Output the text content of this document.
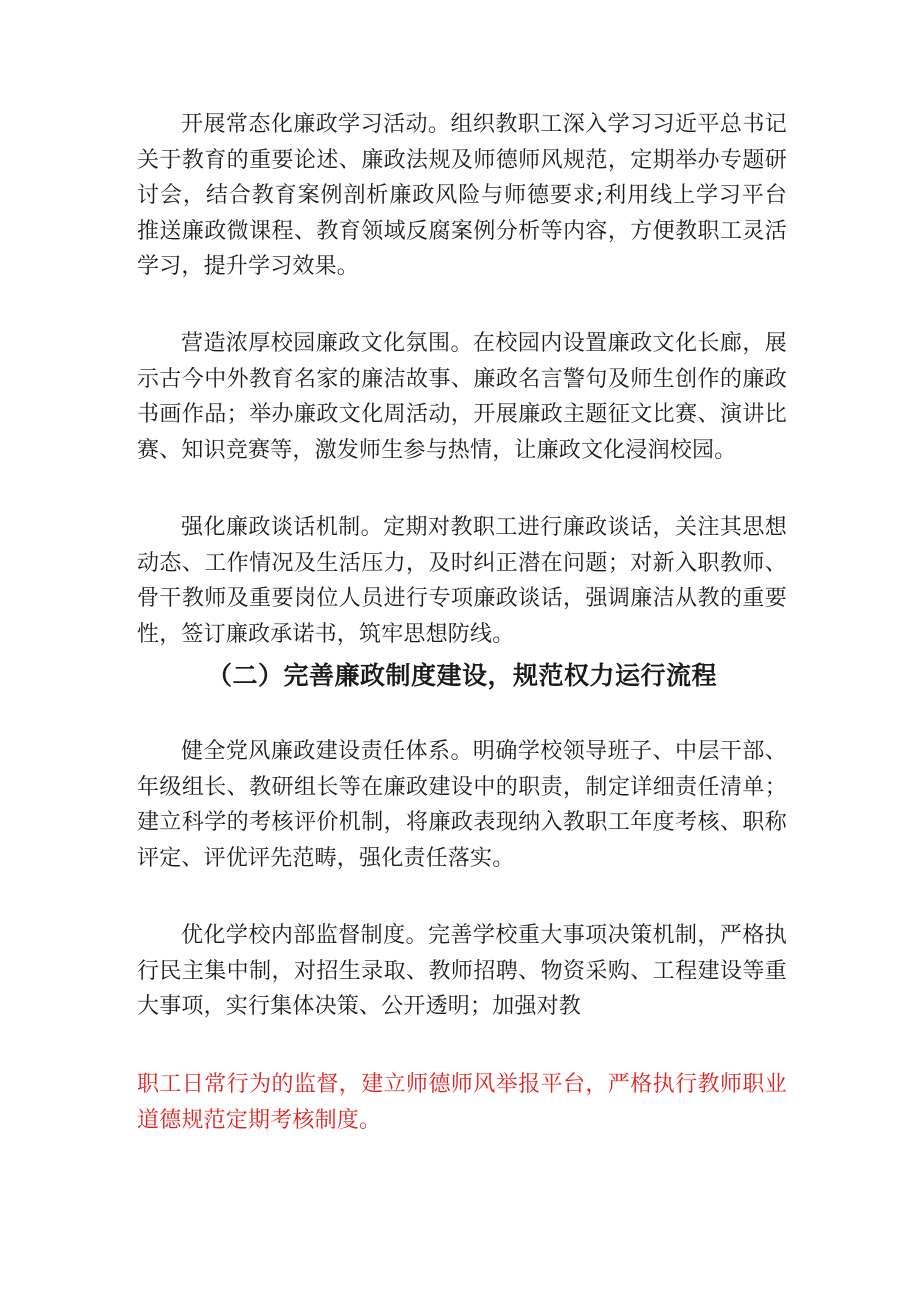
开展常态化廉政学习活动。组织教职工深入学习习近平总书记关于教育的重要论述、廉政法规及师德师风规范，定期举办专题研讨会，结合教育案例剖析廉政风险与师德要求;利用线上学习平台推送廉政微课程、教育领域反腐案例分析等内容，方便教职工灵活学习，提升学习效果。

营造浓厚校园廉政文化氛围。在校园内设置廉政文化长廊，展示古今中外教育名家的廉洁故事、廉政名言警句及师生创作的廉政书画作品；举办廉政文化周活动，开展廉政主题征文比赛、演讲比赛、知识竞赛等，激发师生参与热情，让廉政文化浸润校园。

强化廉政谈话机制。定期对教职工进行廉政谈话，关注其思想动态、工作情况及生活压力，及时纠正潜在问题；对新入职教师、骨干教师及重要岗位人员进行专项廉政谈话，强调廉洁从教的重要性，签订廉政承诺书，筑牢思想防线。

（二）完善廉政制度建设，规范权力运行流程

健全党风廉政建设责任体系。明确学校领导班子、中层干部、年级组长、教研组长等在廉政建设中的职责，制定详细责任清单；建立科学的考核评价机制，将廉政表现纳入教职工年度考核、职称评定、评优评先范畴，强化责任落实。

优化学校内部监督制度。完善学校重大事项决策机制，严格执行民主集中制，对招生录取、教师招聘、物资采购、工程建设等重大事项，实行集体决策、公开透明；加强对教

职工日常行为的监督，建立师德师风举报平台，严格执行教师职业道德规范定期考核制度。
